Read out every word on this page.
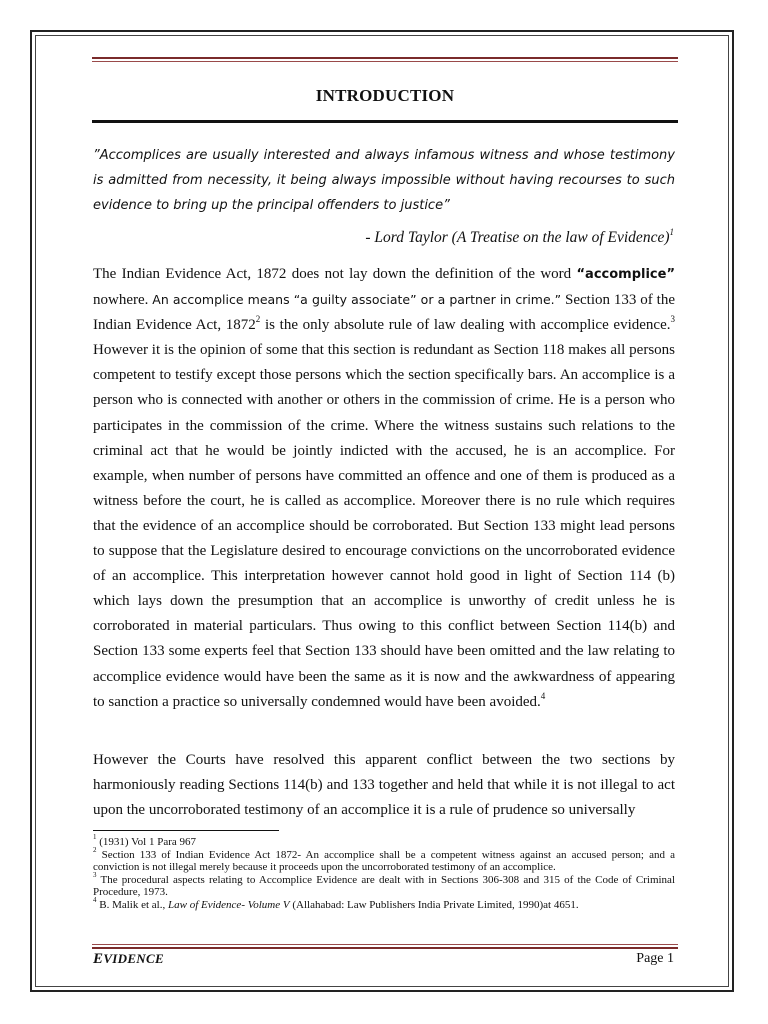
INTRODUCTION
”Accomplices are usually interested and always infamous witness and whose testimony is admitted from necessity, it being always impossible without having recourses to such evidence to bring up the principal offenders to justice”
- Lord Taylor (A Treatise on the law of Evidence)$^1$
The Indian Evidence Act, 1872 does not lay down the definition of the word “accomplice” nowhere. An accomplice means “a guilty associate” or a partner in crime.” Section 133 of the Indian Evidence Act, 1872$^2$ is the only absolute rule of law dealing with accomplice evidence.$^3$ However it is the opinion of some that this section is redundant as Section 118 makes all persons competent to testify except those persons which the section specifically bars. An accomplice is a person who is connected with another or others in the commission of crime. He is a person who participates in the commission of the crime. Where the witness sustains such relations to the criminal act that he would be jointly indicted with the accused, he is an accomplice. For example, when number of persons have committed an offence and one of them is produced as a witness before the court, he is called as accomplice. Moreover there is no rule which requires that the evidence of an accomplice should be corroborated. But Section 133 might lead persons to suppose that the Legislature desired to encourage convictions on the uncorroborated evidence of an accomplice. This interpretation however cannot hold good in light of Section 114 (b) which lays down the presumption that an accomplice is unworthy of credit unless he is corroborated in material particulars. Thus owing to this conflict between Section 114(b) and Section 133 some experts feel that Section 133 should have been omitted and the law relating to accomplice evidence would have been the same as it is now and the awkwardness of appearing to sanction a practice so universally condemned would have been avoided.$^4$
However the Courts have resolved this apparent conflict between the two sections by harmoniously reading Sections 114(b) and 133 together and held that while it is not illegal to act upon the uncorroborated testimony of an accomplice it is a rule of prudence so universally
$^1$ (1931) Vol 1 Para 967
$^2$ Section 133 of Indian Evidence Act 1872- An accomplice shall be a competent witness against an accused person; and a conviction is not illegal merely because it proceeds upon the uncorroborated testimony of an accomplice.
$^3$ The procedural aspects relating to Accomplice Evidence are dealt with in Sections 306-308 and 315 of the Code of Criminal Procedure, 1973.
$^4$ B. Malik et al., Law of Evidence- Volume V (Allahabad: Law Publishers India Private Limited, 1990)at 4651.
EVIDENCE	Page 1
